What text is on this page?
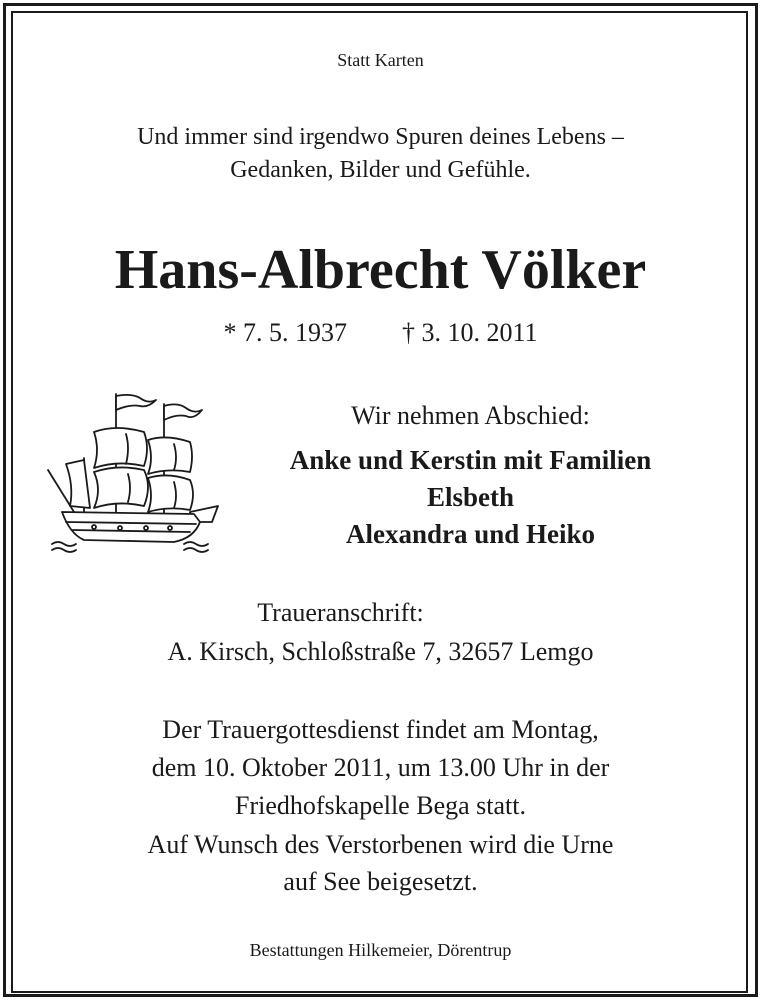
Statt Karten
Und immer sind irgendwo Spuren deines Lebens –
Gedanken, Bilder und Gefühle.
Hans-Albrecht Völker
* 7. 5. 1937 † 3. 10. 2011
Wir nehmen Abschied:
Anke und Kerstin mit Familien
Elsbeth
Alexandra und Heiko
Traueranschrift:
A. Kirsch, Schloßstraße 7, 32657 Lemgo
Der Trauergottesdienst findet am Montag,
dem 10. Oktober 2011, um 13.00 Uhr in der
Friedhofskapelle Bega statt.
Auf Wunsch des Verstorbenen wird die Urne
auf See beigesetzt.
Bestattungen Hilkemeier, Dörentrup
